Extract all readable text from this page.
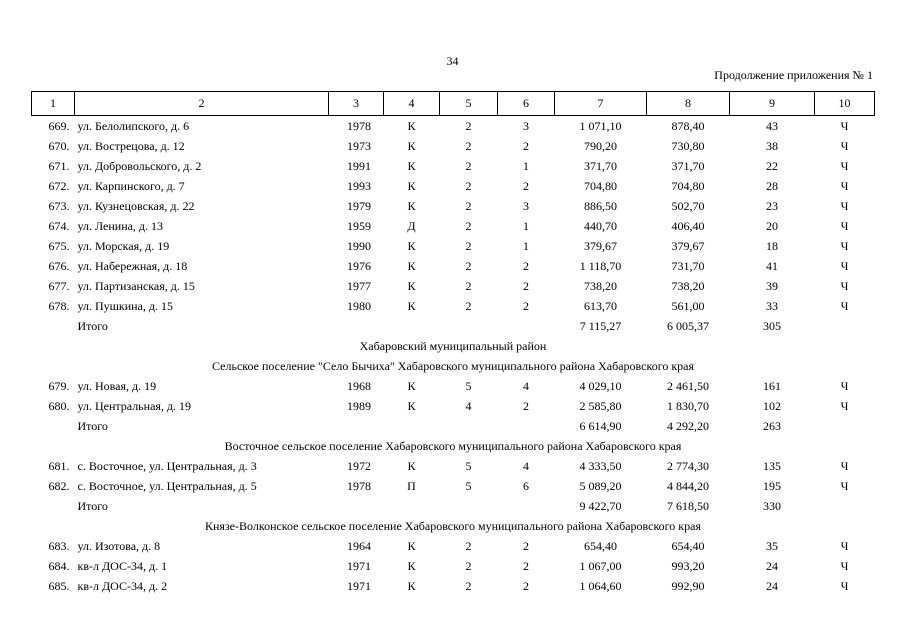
34
Продолжение приложения № 1
1	2	3	4	5	6	7	8	9	10
669.	ул. Белолипского, д. 6	1978	К	2	3	1 071,10	878,40	43	Ч
670.	ул. Вострецова, д. 12	1973	К	2	2	790,20	730,80	38	Ч
671.	ул. Добровольского, д. 2	1991	К	2	1	371,70	371,70	22	Ч
672.	ул. Карпинского, д. 7	1993	К	2	2	704,80	704,80	28	Ч
673.	ул. Кузнецовская, д. 22	1979	К	2	3	886,50	502,70	23	Ч
674.	ул. Ленина, д. 13	1959	Д	2	1	440,70	406,40	20	Ч
675.	ул. Морская, д. 19	1990	К	2	1	379,67	379,67	18	Ч
676.	ул. Набережная, д. 18	1976	К	2	2	1 118,70	731,70	41	Ч
677.	ул. Партизанская, д. 15	1977	К	2	2	738,20	738,20	39	Ч
678.	ул. Пушкина, д. 15	1980	К	2	2	613,70	561,00	33	Ч
	Итого					7 115,27	6 005,37	305	
Хабаровский муниципальный район									
Сельское поселение "Село Бычиха" Хабаровского муниципального района Хабаровского края									
679.	ул. Новая, д. 19	1968	К	5	4	4 029,10	2 461,50	161	Ч
680.	ул. Центральная, д. 19	1989	К	4	2	2 585,80	1 830,70	102	Ч
	Итого					6 614,90	4 292,20	263	
Восточное сельское поселение Хабаровского муниципального района Хабаровского края									
681.	с. Восточное, ул. Центральная, д. 3	1972	К	5	4	4 333,50	2 774,30	135	Ч
682.	с. Восточное, ул. Центральная, д. 5	1978	П	5	6	5 089,20	4 844,20	195	Ч
	Итого					9 422,70	7 618,50	330	
Князе-Волконское сельское поселение Хабаровского муниципального района Хабаровского края									
683.	ул. Изотова, д. 8	1964	К	2	2	654,40	654,40	35	Ч
684.	кв-л ДОС-34, д. 1	1971	К	2	2	1 067,00	993,20	24	Ч
685.	кв-л ДОС-34, д. 2	1971	К	2	2	1 064,60	992,90	24	Ч
